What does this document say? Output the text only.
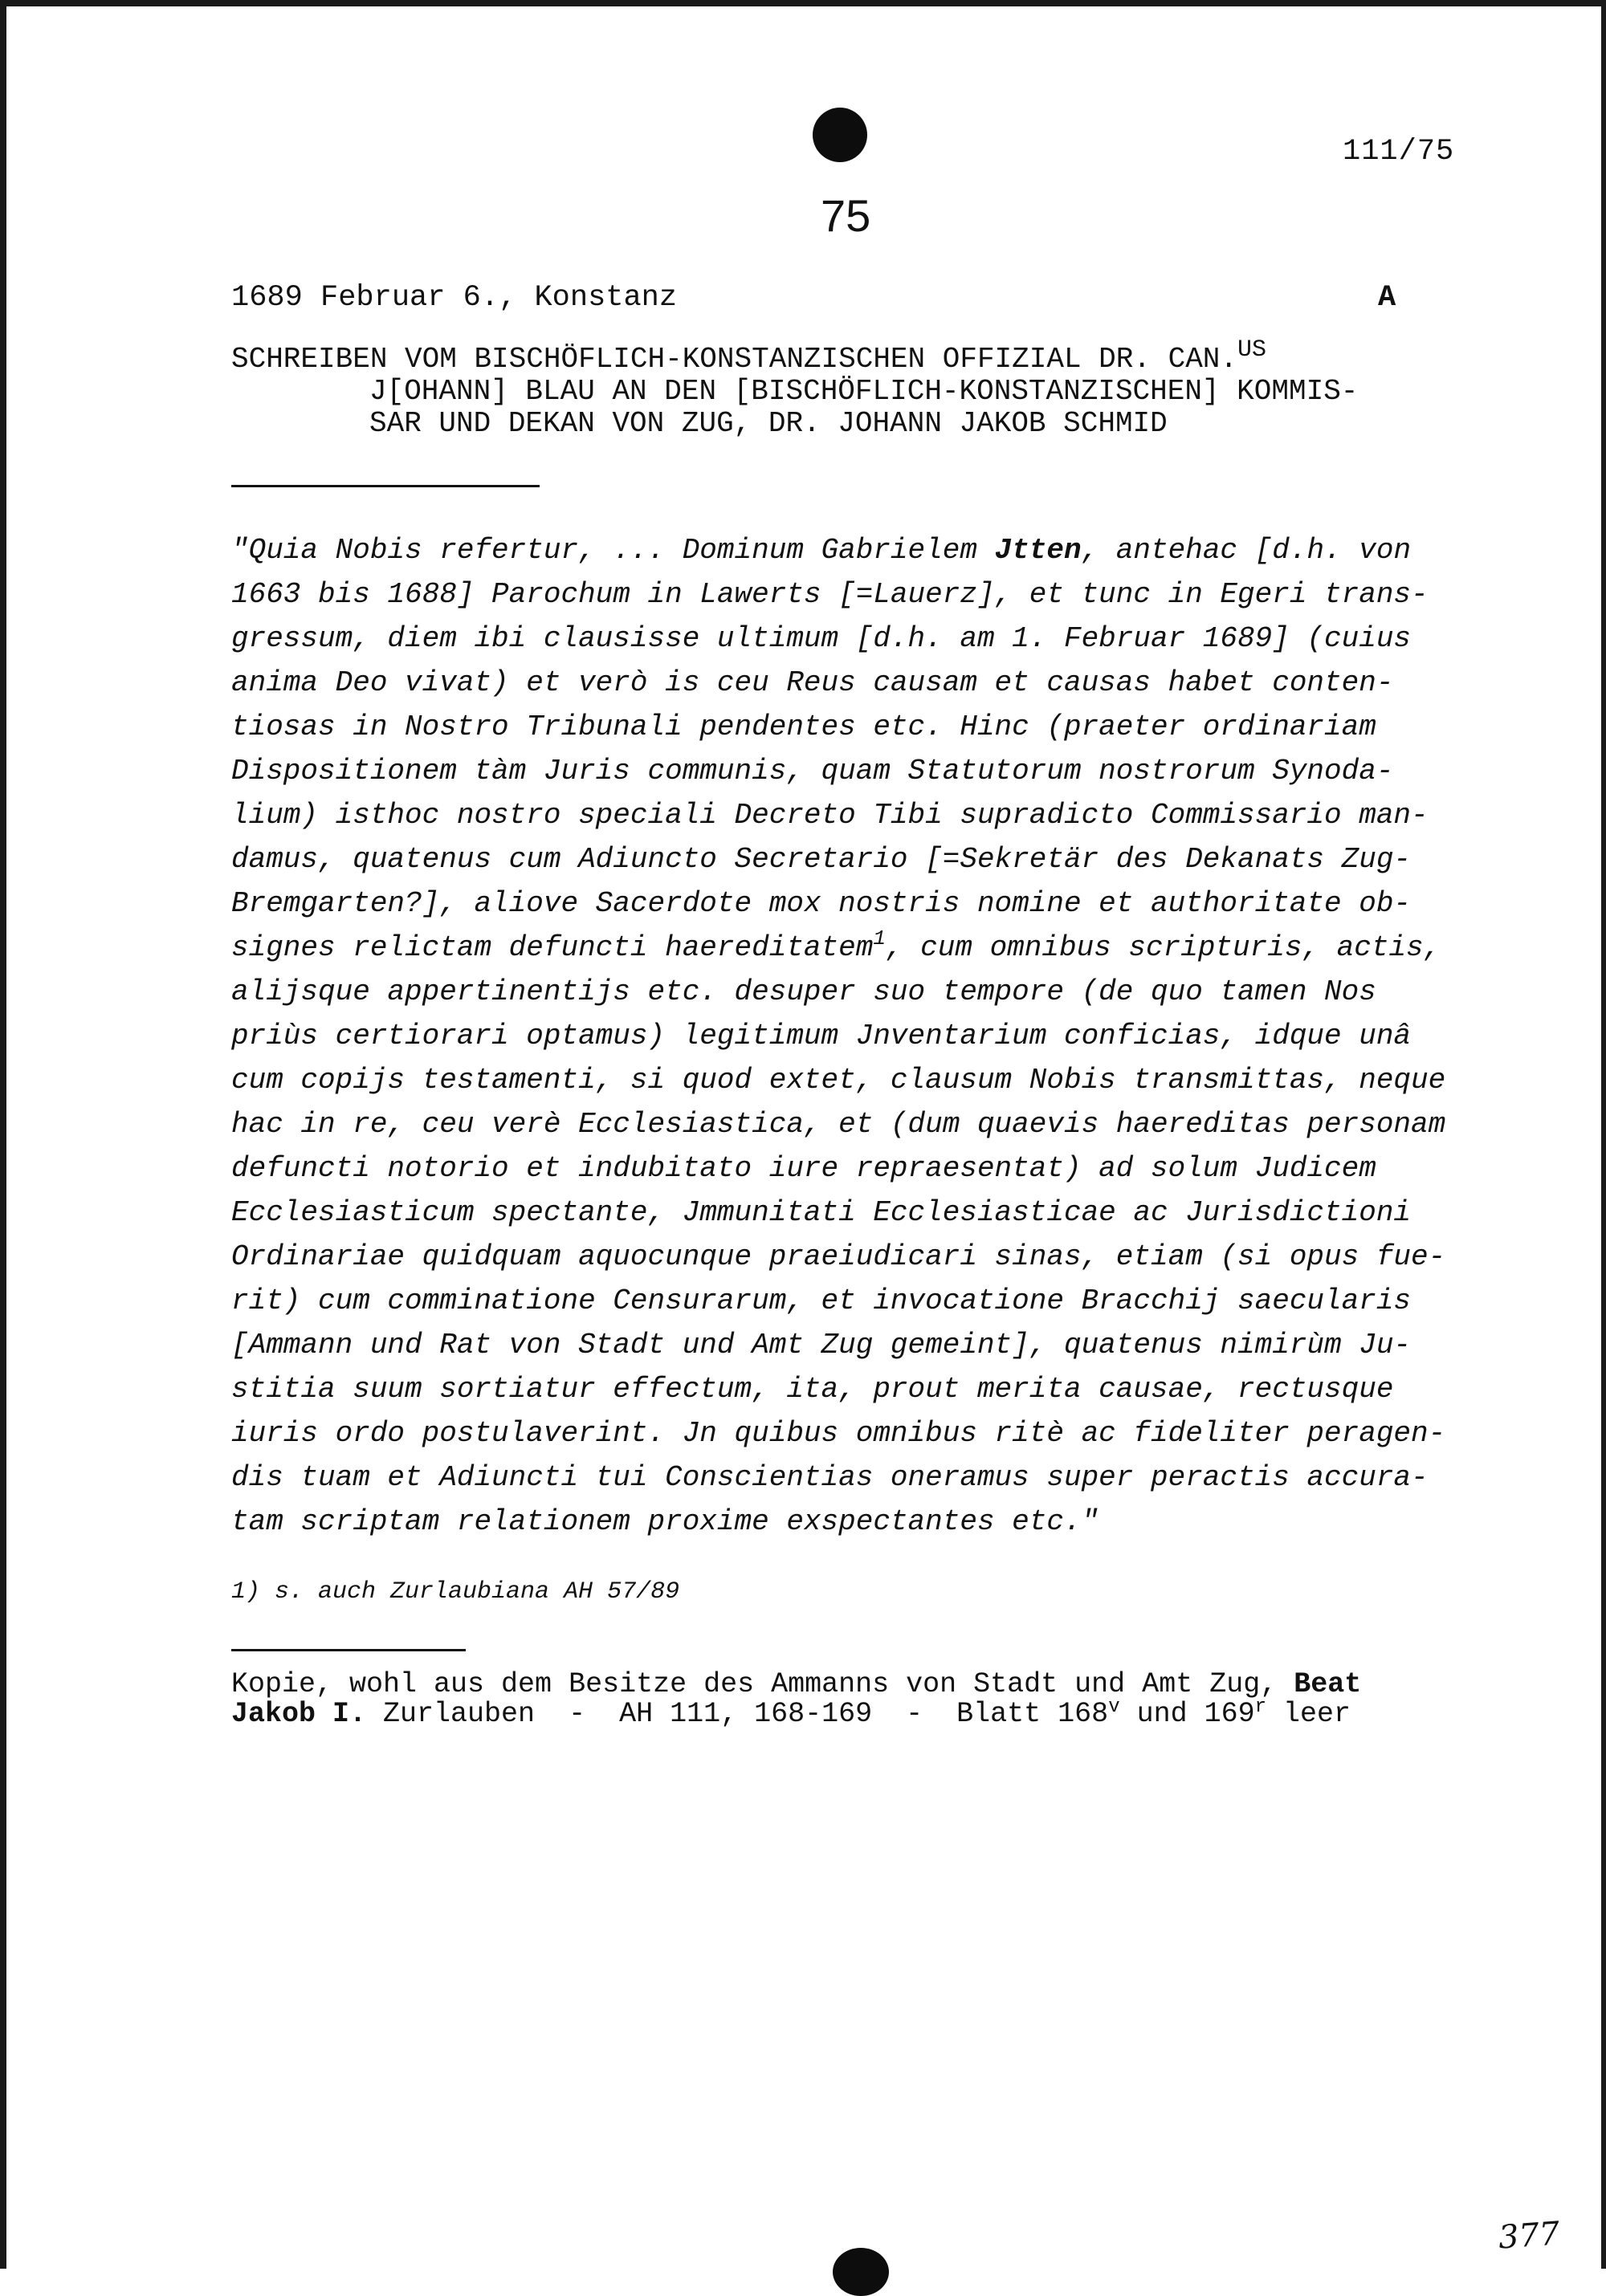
111/75
75
1689 Februar 6., Konstanz	A
SCHREIBEN VOM BISCHÖFLICH-KONSTANZISCHEN OFFIZIAL DR. CAN.$^{US}$
J[OHANN] BLAU AN DEN [BISCHÖFLICH-KONSTANZISCHEN] KOMMIS-
SAR UND DEKAN VON ZUG, DR. JOHANN JAKOB SCHMID
"Quia Nobis refertur, ... Dominum Gabrielem Jtten, antehac [d.h. von
1663 bis 1688] Parochum in Lawerts [=Lauerz], et tunc in Egeri trans-
gressum, diem ibi clausisse ultimum [d.h. am 1. Februar 1689] (cuius
anima Deo vivat) et verò is ceu Reus causam et causas habet conten-
tiosas in Nostro Tribunali pendentes etc. Hinc (praeter ordinariam
Dispositionem tàm Juris communis, quam Statutorum nostrorum Synoda-
lium) isthoc nostro speciali Decreto Tibi supradicto Commissario man-
damus, quatenus cum Adiuncto Secretario [=Sekretär des Dekanats Zug-
Bremgarten?], aliove Sacerdote mox nostris nomine et authoritate ob-
signes relictam defuncti haereditatem$^1$, cum omnibus scripturis, actis,
alijsque appertinentijs etc. desuper suo tempore (de quo tamen Nos
priùs certiorari optamus) legitimum Jnventarium conficias, idque unâ
cum copijs testamenti, si quod extet, clausum Nobis transmittas, neque
hac in re, ceu verè Ecclesiastica, et (dum quaevis haereditas personam
defuncti notorio et indubitato iure repraesentat) ad solum Judicem
Ecclesiasticum spectante, Jmmunitati Ecclesiasticae ac Jurisdictioni
Ordinariae quidquam aquocunque praeiudicari sinas, etiam (si opus fue-
rit) cum comminatione Censurarum, et invocatione Bracchij saecularis
[Ammann und Rat von Stadt und Amt Zug gemeint], quatenus nimirùm Ju-
stitia suum sortiatur effectum, ita, prout merita causae, rectusque
iuris ordo postulaverint. Jn quibus omnibus ritè ac fideliter peragen-
dis tuam et Adiuncti tui Conscientias oneramus super peractis accura-
tam scriptam relationem proxime exspectantes etc."
1) s. auch Zurlaubiana AH 57/89
Kopie, wohl aus dem Besitze des Ammanns von Stadt und Amt Zug, Beat
Jakob I. Zurlauben  -  AH 111, 168-169  -  Blatt 168$^v$ und 169$^r$ leer
377
